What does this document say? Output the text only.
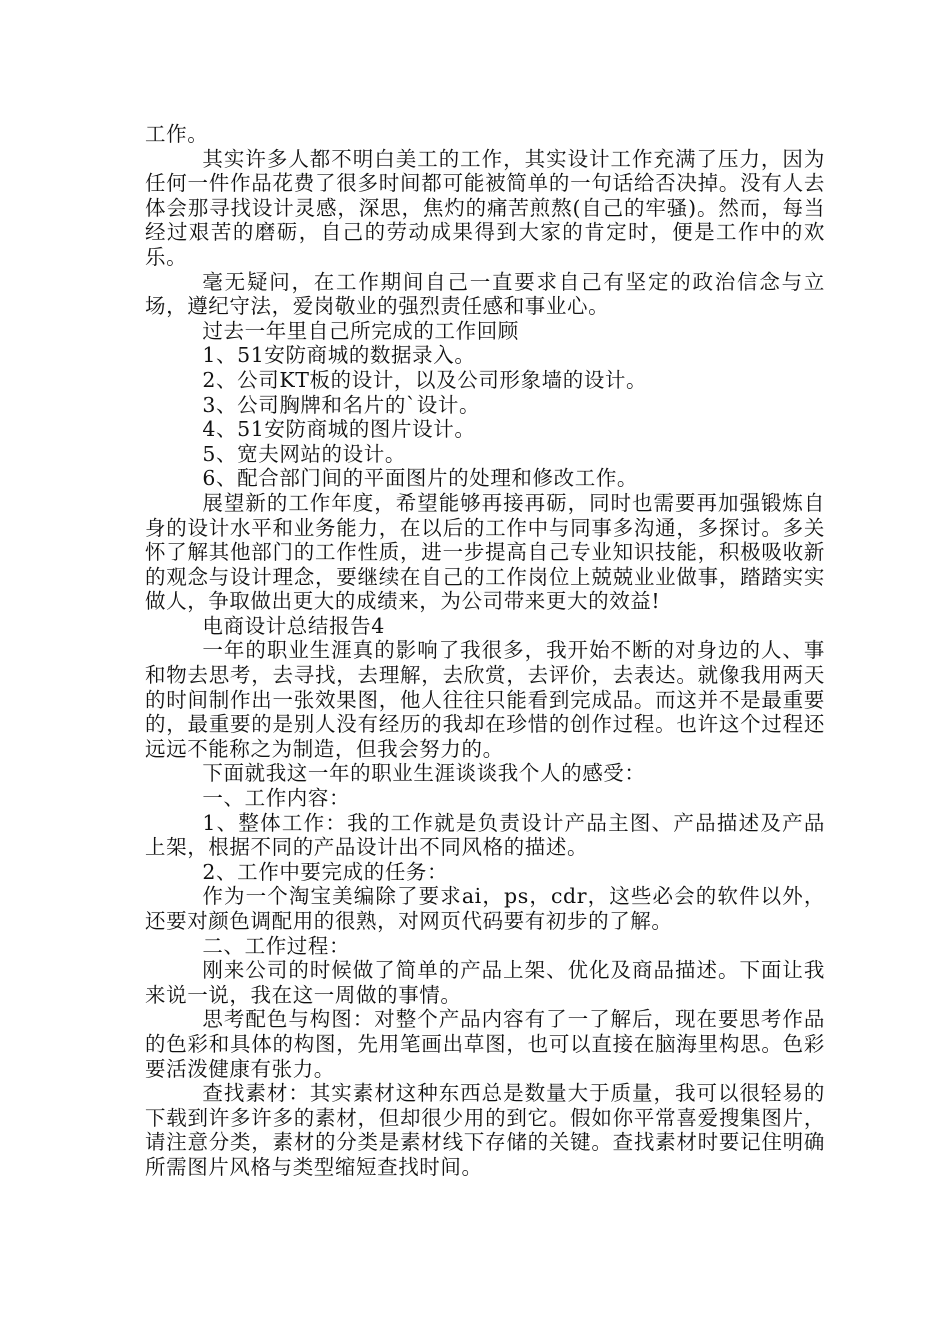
工作。

其实许多人都不明白美工的工作，其实设计工作充满了压力，因为任何一件作品花费了很多时间都可能被简单的一句话给否决掉。没有人去体会那寻找设计灵感，深思，焦灼的痛苦煎熬(自己的牢骚)。然而，每当经过艰苦的磨砺，自己的劳动成果得到大家的肯定时，便是工作中的欢乐。

毫无疑问，在工作期间自己一直要求自己有坚定的政治信念与立场，遵纪守法，爱岗敬业的强烈责任感和事业心。

过去一年里自己所完成的工作回顾

1、51安防商城的数据录入。

2、公司KT板的设计，以及公司形象墙的设计。

3、公司胸牌和名片的`设计。

4、51安防商城的图片设计。

5、宽夫网站的设计。

6、配合部门间的平面图片的处理和修改工作。

展望新的工作年度，希望能够再接再砺，同时也需要再加强锻炼自身的设计水平和业务能力，在以后的工作中与同事多沟通，多探讨。多关怀了解其他部门的工作性质，进一步提高自己专业知识技能，积极吸收新的观念与设计理念，要继续在自己的工作岗位上兢兢业业做事，踏踏实实做人，争取做出更大的成绩来，为公司带来更大的效益!

电商设计总结报告4

一年的职业生涯真的影响了我很多，我开始不断的对身边的人、事和物去思考，去寻找，去理解，去欣赏，去评价，去表达。就像我用两天的时间制作出一张效果图，他人往往只能看到完成品。而这并不是最重要的，最重要的是别人没有经历的我却在珍惜的创作过程。也许这个过程还远远不能称之为制造，但我会努力的。

下面就我这一年的职业生涯谈谈我个人的感受：

一、工作内容：

1、整体工作：我的工作就是负责设计产品主图、产品描述及产品上架，根据不同的产品设计出不同风格的描述。

2、工作中要完成的任务：

作为一个淘宝美编除了要求ai，ps，cdr，这些必会的软件以外，还要对颜色调配用的很熟，对网页代码要有初步的了解。

二、工作过程：

刚来公司的时候做了简单的产品上架、优化及商品描述。下面让我来说一说，我在这一周做的事情。

思考配色与构图：对整个产品内容有了一了解后，现在要思考作品的色彩和具体的构图，先用笔画出草图，也可以直接在脑海里构思。色彩要活泼健康有张力。

查找素材：其实素材这种东西总是数量大于质量，我可以很轻易的下载到许多许多的素材，但却很少用的到它。假如你平常喜爱搜集图片，请注意分类，素材的分类是素材线下存储的关键。查找素材时要记住明确所需图片风格与类型缩短查找时间。
